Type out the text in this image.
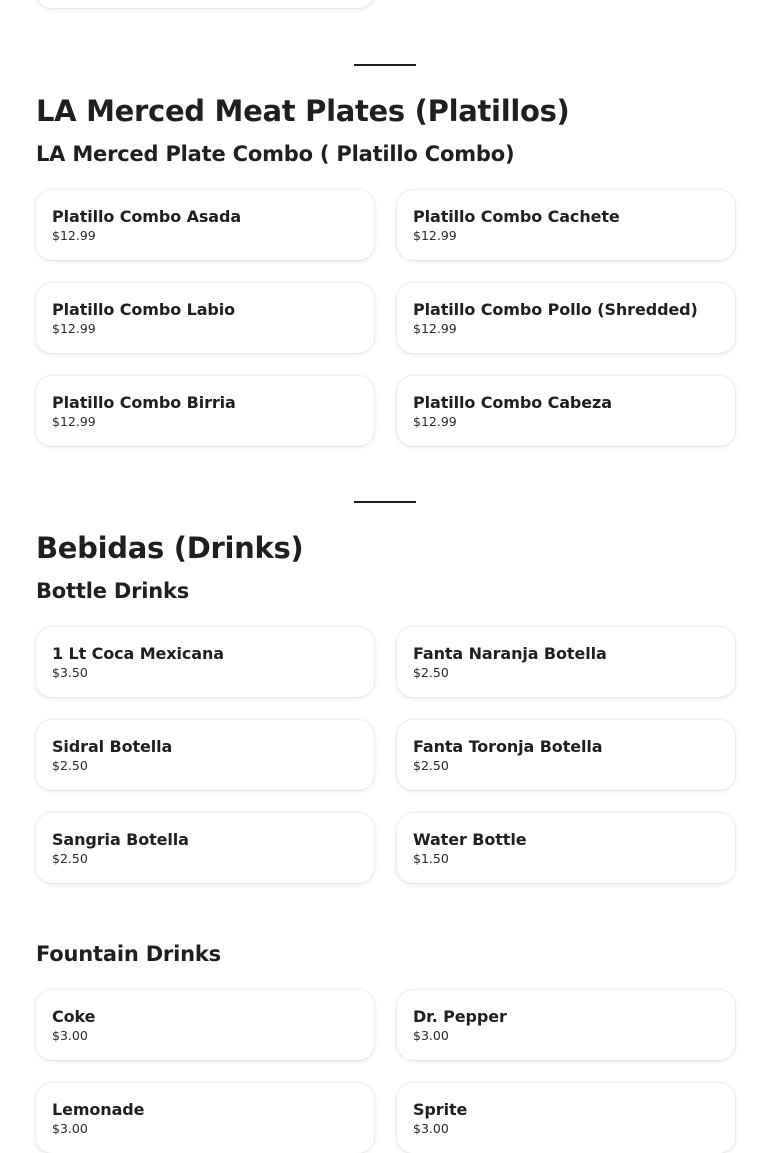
LA Merced Meat Plates (Platillos)
LA Merced Plate Combo ( Platillo Combo)
Platillo Combo Asada
$12.99
Platillo Combo Cachete
$12.99
Platillo Combo Labio
$12.99
Platillo Combo Pollo (Shredded)
$12.99
Platillo Combo Birria
$12.99
Platillo Combo Cabeza
$12.99
Bebidas (Drinks)
Bottle Drinks
1 Lt Coca Mexicana
$3.50
Fanta Naranja Botella
$2.50
Sidral Botella
$2.50
Fanta Toronja Botella
$2.50
Sangria Botella
$2.50
Water Bottle
$1.50
Fountain Drinks
Coke
$3.00
Dr. Pepper
$3.00
Lemonade
$3.00
Sprite
$3.00
